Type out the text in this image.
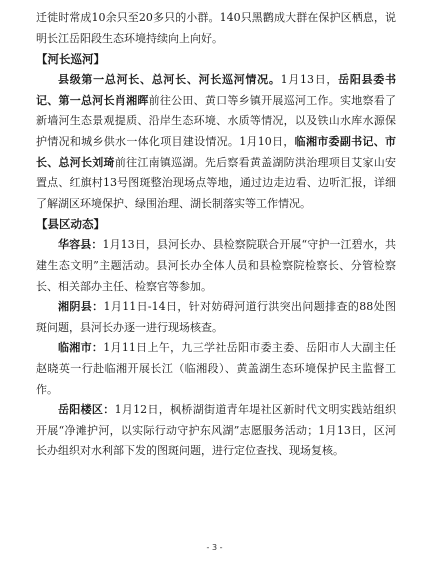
迁徙时常成10余只至20多只的小群。140只黑鹳成大群在保护区栖息，说明长江岳阳段生态环境持续向上向好。

【河长巡河】

县级第一总河长、总河长、河长巡河情况。1月13日，岳阳县委书记、第一总河长肖湘晖前往公田、黄口等乡镇开展巡河工作。实地察看了新墙河生态景观提质、沿岸生态环境、水质等情况，以及铁山水库水源保护情况和城乡供水一体化项目建设情况。1月10日，临湘市委副书记、市长、总河长刘琦前往江南镇巡湖。先后察看黄盖湖防洪治理项目艾家山安置点、红旗村13号图斑整治现场点等地，通过边走边看、边听汇报，详细了解湖区环境保护、绿围治理、湖长制落实等工作情况。

【县区动态】

华容县：1月13日，县河长办、县检察院联合开展“守护一江碧水，共建生态文明”主题活动。县河长办全体人员和县检察院检察长、分管检察长、相关部办主任、检察官等参加。

湘阴县：1月11日-14日，针对妨碍河道行洪突出问题排查的88处图斑问题，县河长办逐一进行现场核查。

临湘市：1月11日上午，九三学社岳阳市委主委、岳阳市人大副主任赵晓英一行赴临湘开展长江（临湘段）、黄盖湖生态环境保护民主监督工作。

岳阳楼区：1月12日，枫桥湖街道青年堤社区新时代文明实践站组织开展“净滩护河，以实际行动守护东风湖”志愿服务活动；1月13日，区河长办组织对水利部下发的图斑问题，进行定位查找、现场复核。

- 3 -
